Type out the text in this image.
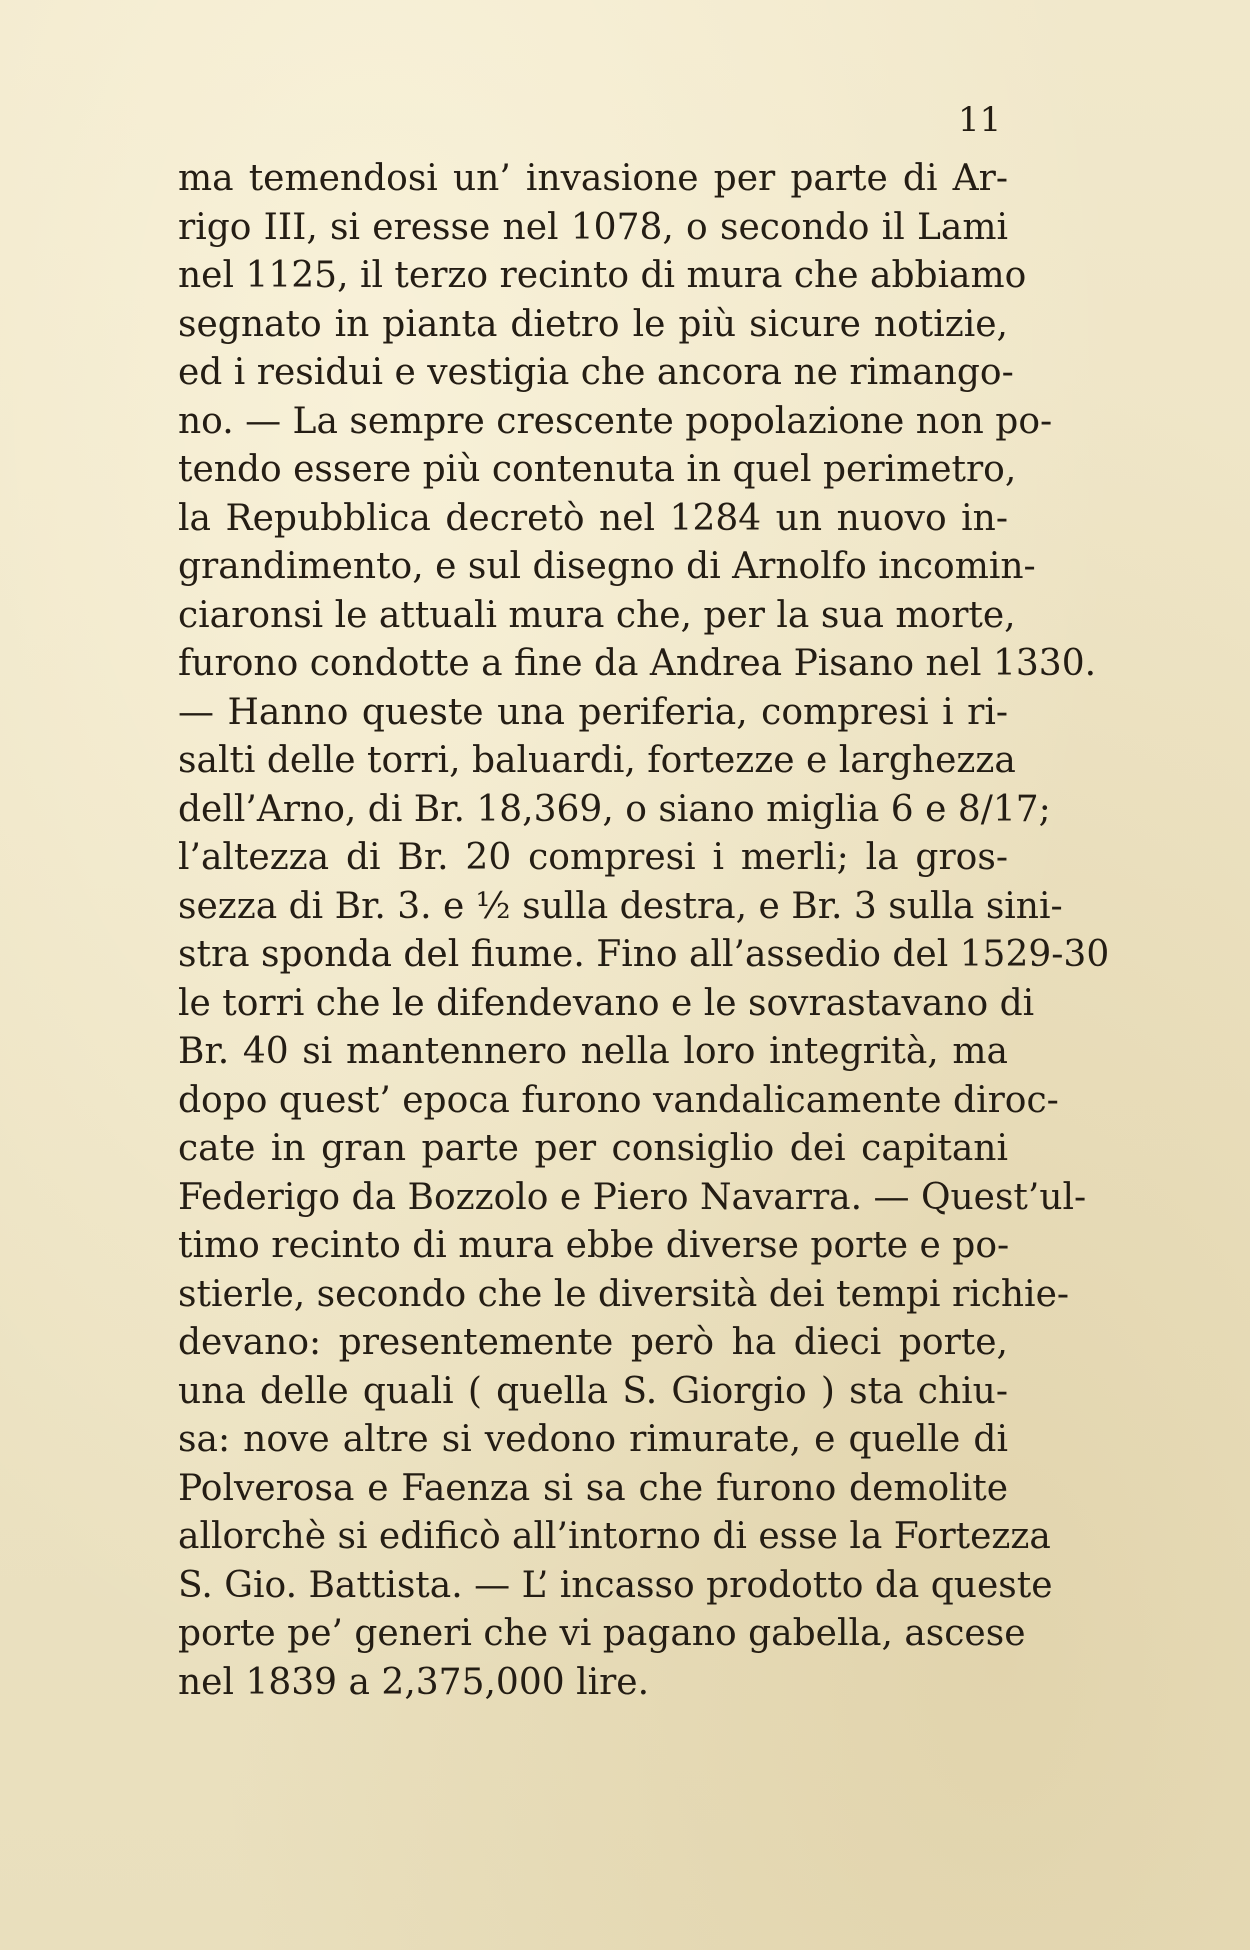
11
ma temendosi un’ invasione per parte di Ar-
rigo III, si eresse nel 1078, o secondo il Lami
nel 1125, il terzo recinto di mura che abbiamo
segnato in pianta dietro le più sicure notizie,
ed i residui e vestigia che ancora ne rimango-
no. — La sempre crescente popolazione non po-
tendo essere più contenuta in quel perimetro,
la Repubblica decretò nel 1284 un nuovo in-
grandimento, e sul disegno di Arnolfo incomin-
ciaronsi le attuali mura che, per la sua morte,
furono condotte a fine da Andrea Pisano nel 1330.
— Hanno queste una periferia, compresi i ri-
salti delle torri, baluardi, fortezze e larghezza
dell’Arno, di Br. 18,369, o siano miglia 6 e 8/17;
l’altezza di Br. 20 compresi i merli; la gros-
sezza di Br. 3. e ½ sulla destra, e Br. 3 sulla sini-
stra sponda del fiume. Fino all’assedio del 1529-30
le torri che le difendevano e le sovrastavano di
Br. 40 si mantennero nella loro integrità, ma
dopo quest’ epoca furono vandalicamente diroc-
cate in gran parte per consiglio dei capitani
Federigo da Bozzolo e Piero Navarra. — Quest’ul-
timo recinto di mura ebbe diverse porte e po-
stierle, secondo che le diversità dei tempi richie-
devano: presentemente però ha dieci porte,
una delle quali ( quella S. Giorgio ) sta chiu-
sa: nove altre si vedono rimurate, e quelle di
Polverosa e Faenza si sa che furono demolite
allorchè si edificò all’intorno di esse la Fortezza
S. Gio. Battista. — L’ incasso prodotto da queste
porte pe’ generi che vi pagano gabella, ascese
nel 1839 a 2,375,000 lire.
